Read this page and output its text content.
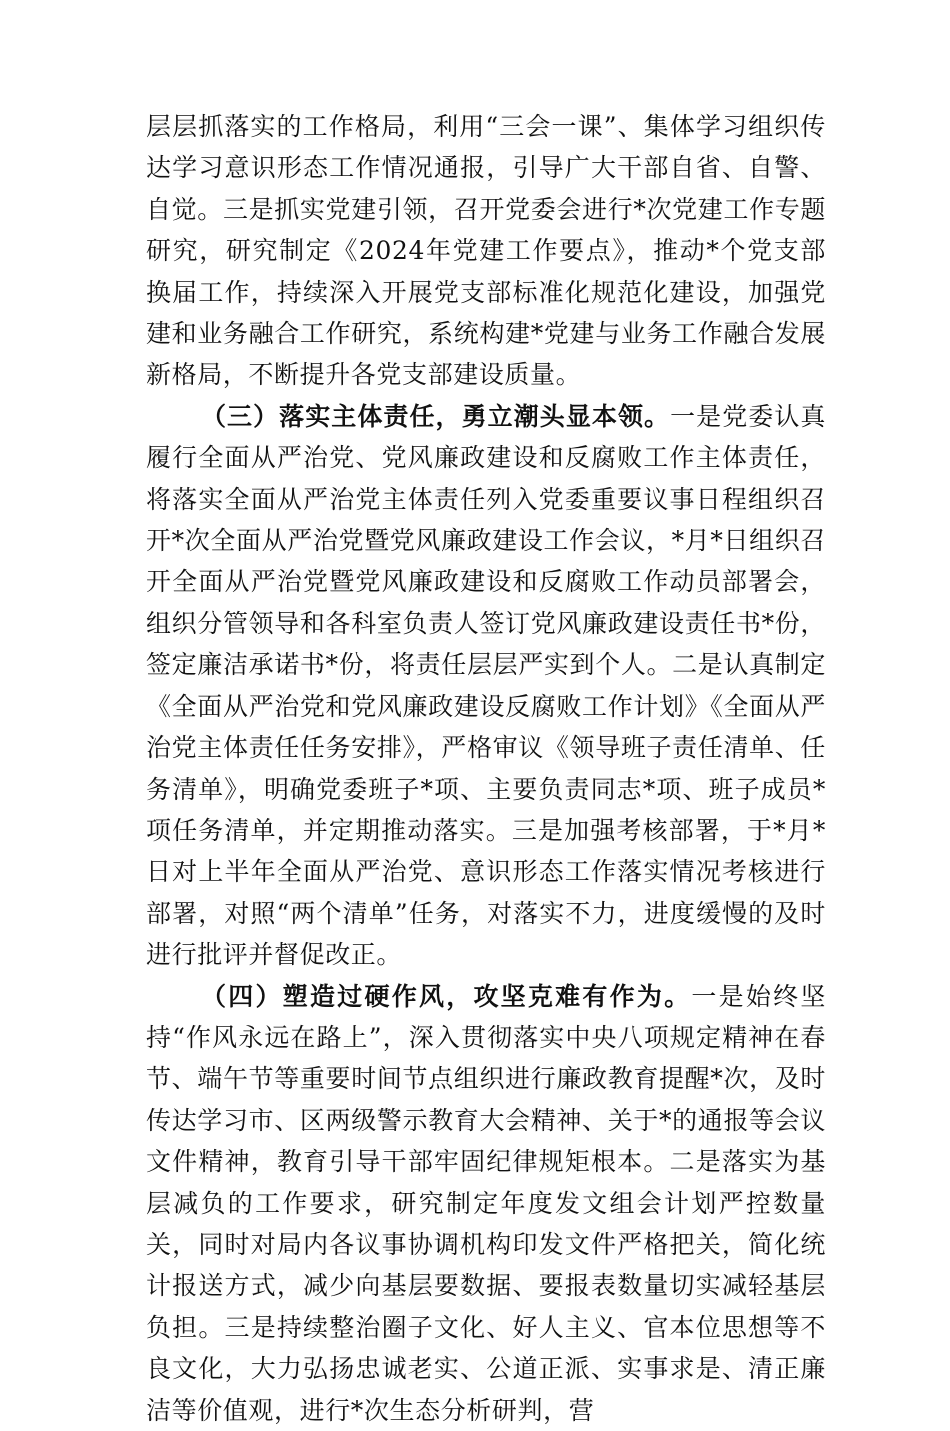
层层抓落实的工作格局，利用“三会一课”、集体学习组织传达学习意识形态工作情况通报，引导广大干部自省、自警、自觉。三是抓实党建引领，召开党委会进行*次党建工作专题研究，研究制定《2024年党建工作要点》，推动*个党支部换届工作，持续深入开展党支部标准化规范化建设，加强党建和业务融合工作研究，系统构建*党建与业务工作融合发展新格局，不断提升各党支部建设质量。

（三）落实主体责任，勇立潮头显本领。一是党委认真履行全面从严治党、党风廉政建设和反腐败工作主体责任，将落实全面从严治党主体责任列入党委重要议事日程组织召开*次全面从严治党暨党风廉政建设工作会议，*月*日组织召开全面从严治党暨党风廉政建设和反腐败工作动员部署会，组织分管领导和各科室负责人签订党风廉政建设责任书*份，签定廉洁承诺书*份，将责任层层严实到个人。二是认真制定《全面从严治党和党风廉政建设反腐败工作计划》《全面从严治党主体责任任务安排》，严格审议《领导班子责任清单、任务清单》，明确党委班子*项、主要负责同志*项、班子成员*项任务清单，并定期推动落实。三是加强考核部署，于*月*日对上半年全面从严治党、意识形态工作落实情况考核进行部署，对照“两个清单”任务，对落实不力，进度缓慢的及时进行批评并督促改正。

（四）塑造过硬作风，攻坚克难有作为。一是始终坚持“作风永远在路上”，深入贯彻落实中央八项规定精神在春节、端午节等重要时间节点组织进行廉政教育提醒*次，及时传达学习市、区两级警示教育大会精神、关于*的通报等会议文件精神，教育引导干部牢固纪律规矩根本。二是落实为基层减负的工作要求，研究制定年度发文组会计划严控数量关，同时对局内各议事协调机构印发文件严格把关，简化统计报送方式，减少向基层要数据、要报表数量切实减轻基层负担。三是持续整治圈子文化、好人主义、官本位思想等不良文化，大力弘扬忠诚老实、公道正派、实事求是、清正廉洁等价值观，进行*次生态分析研判，营
